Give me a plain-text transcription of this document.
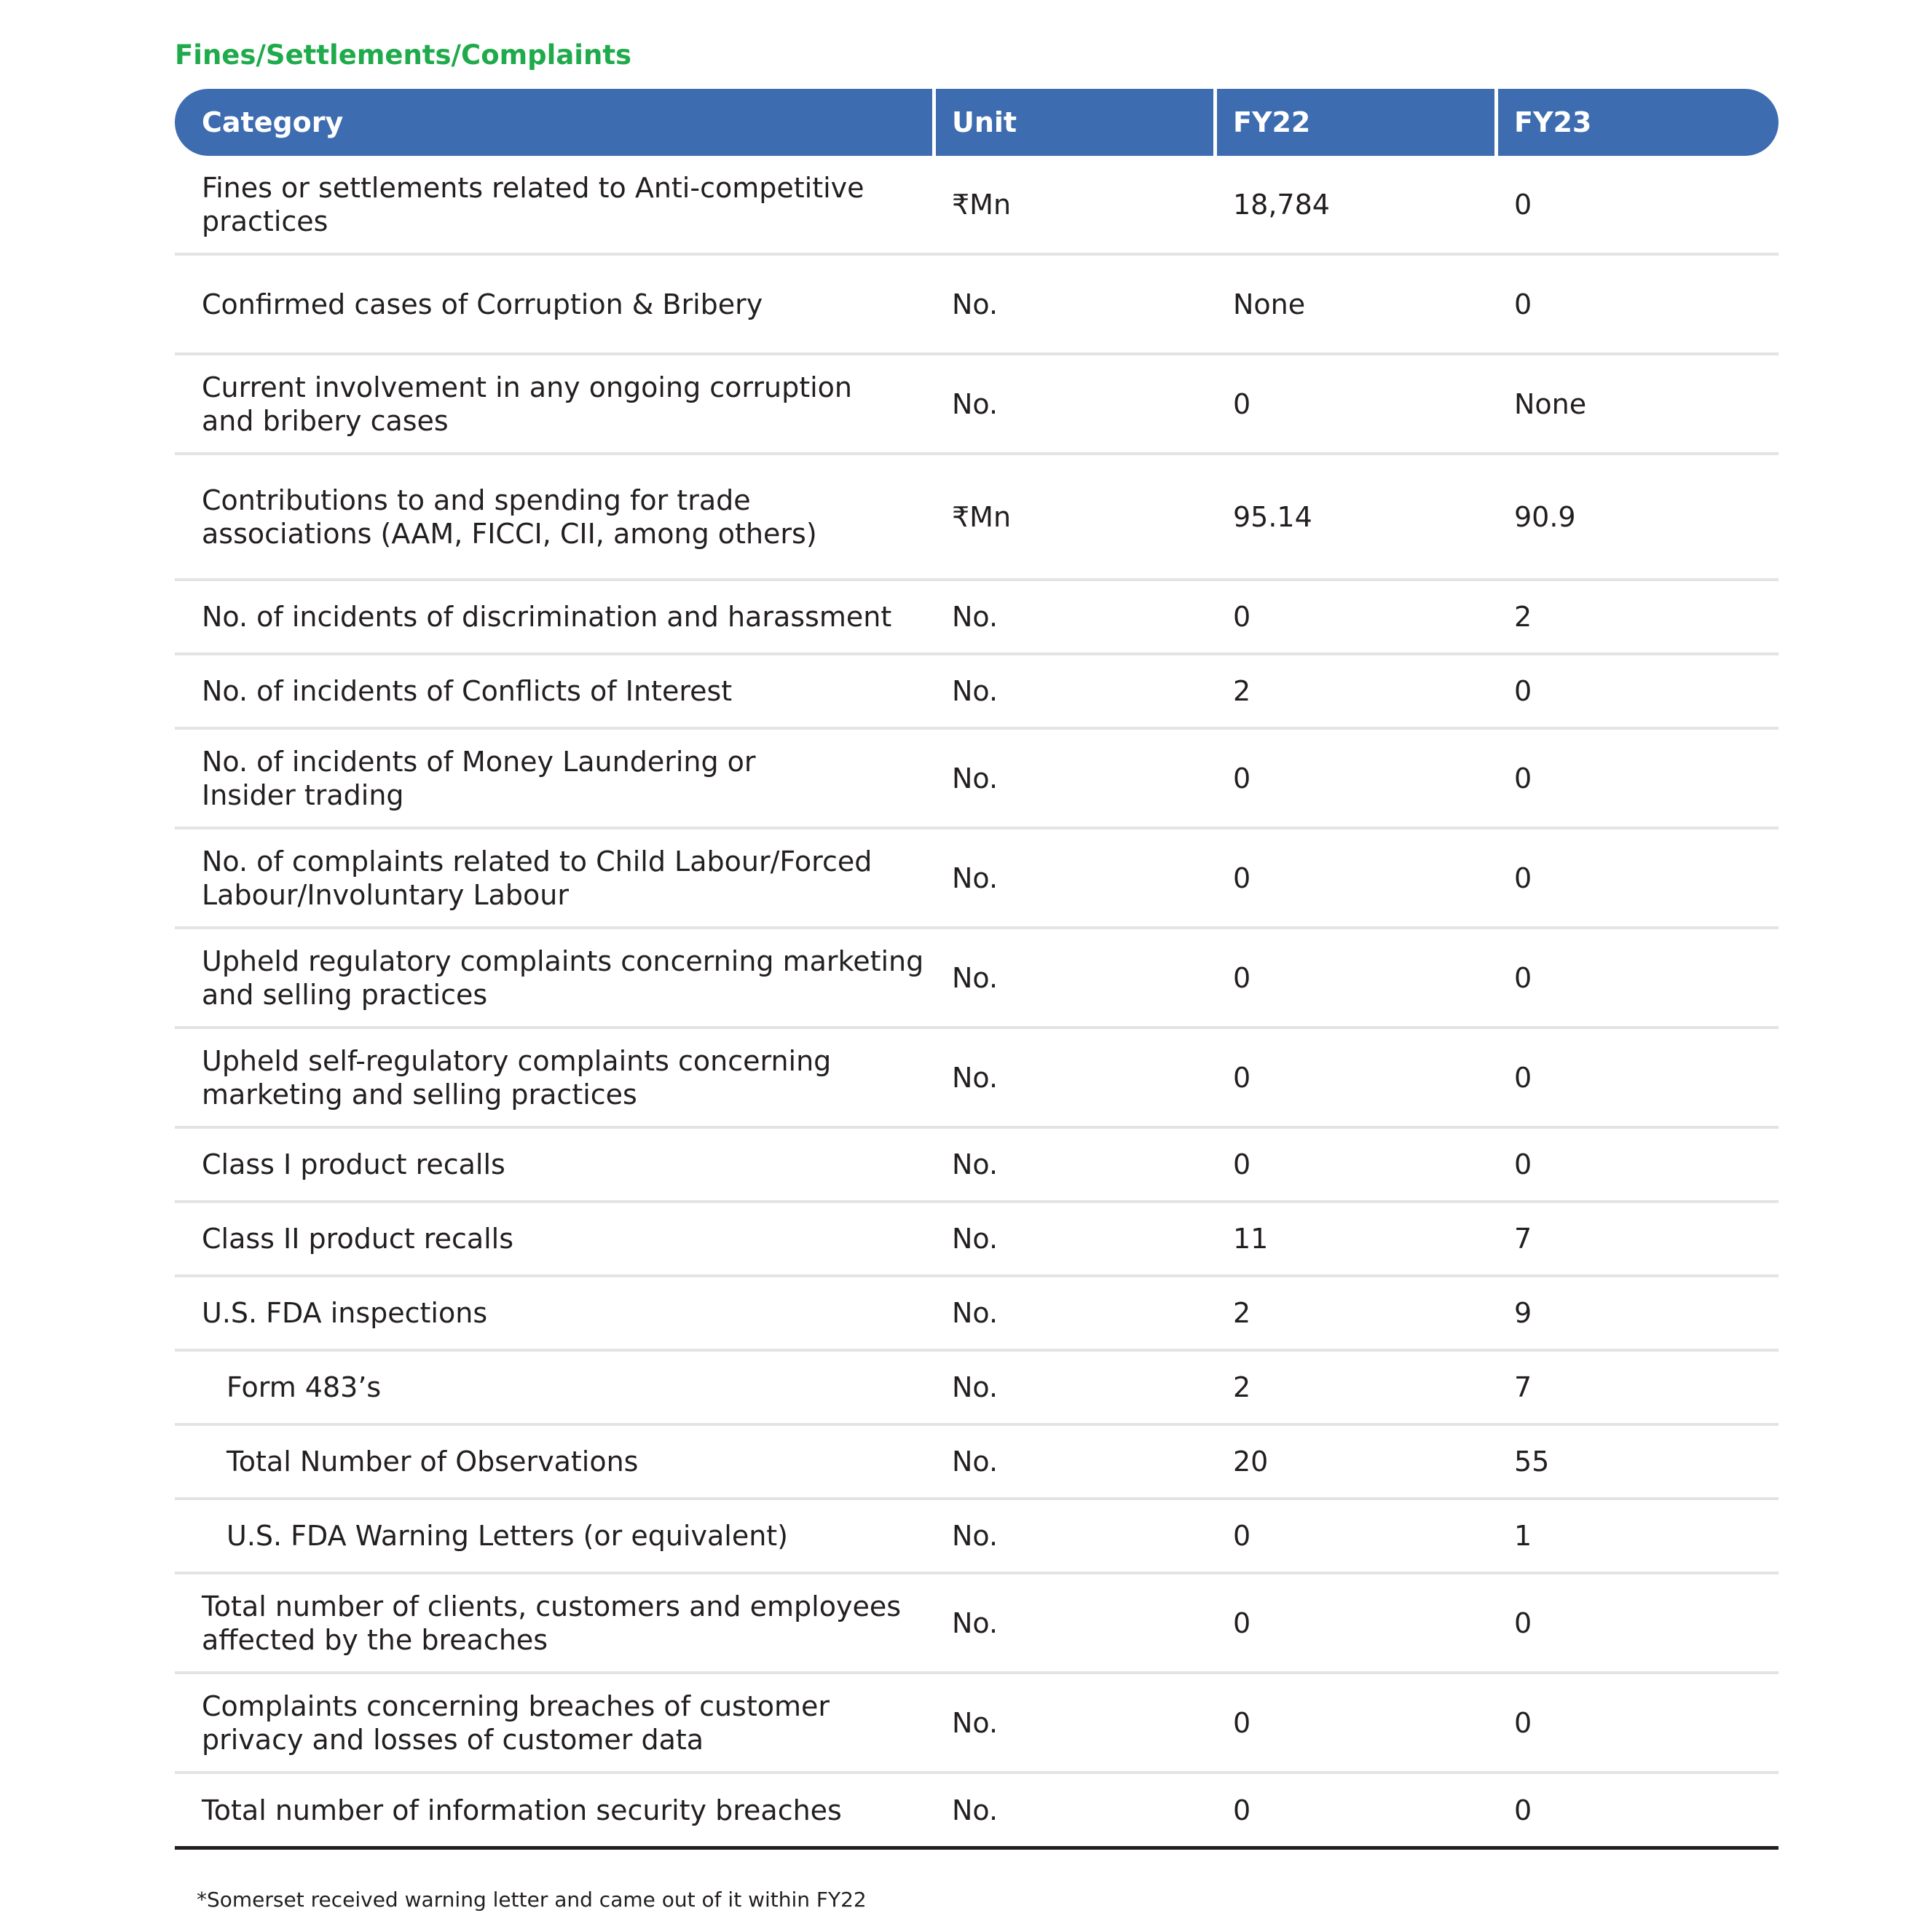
Fines/Settlements/Complaints
Category	Unit	FY22	FY23
Fines or settlements related to Anti-competitive
practices
₹Mn	18,784	0
Confirmed cases of Corruption & Bribery	No.	None	0
Current involvement in any ongoing corruption
and bribery cases
No.	0	None
Contributions to and spending for trade
associations (AAM, FICCI, CII, among others)
₹Mn	95.14	90.9
No. of incidents of discrimination and harassment	No.	0	2
No. of incidents of Conflicts of Interest	No.	2	0
No. of incidents of Money Laundering or
Insider trading
No.	0	0
No. of complaints related to Child Labour/Forced
Labour/Involuntary Labour
No.	0	0
Upheld regulatory complaints concerning marketing
and selling practices
No.	0	0
Upheld self-regulatory complaints concerning
marketing and selling practices
No.	0	0
Class I product recalls	No.	0	0
Class II product recalls	No.	11	7
U.S. FDA inspections	No.	2	9
Form 483’s	No.	2	7
Total Number of Observations	No.	20	55
U.S. FDA Warning Letters (or equivalent)	No.	0	1
Total number of clients, customers and employees
affected by the breaches
No.	0	0
Complaints concerning breaches of customer
privacy and losses of customer data
No.	0	0
Total number of information security breaches	No.	0	0
*Somerset received warning letter and came out of it within FY22
